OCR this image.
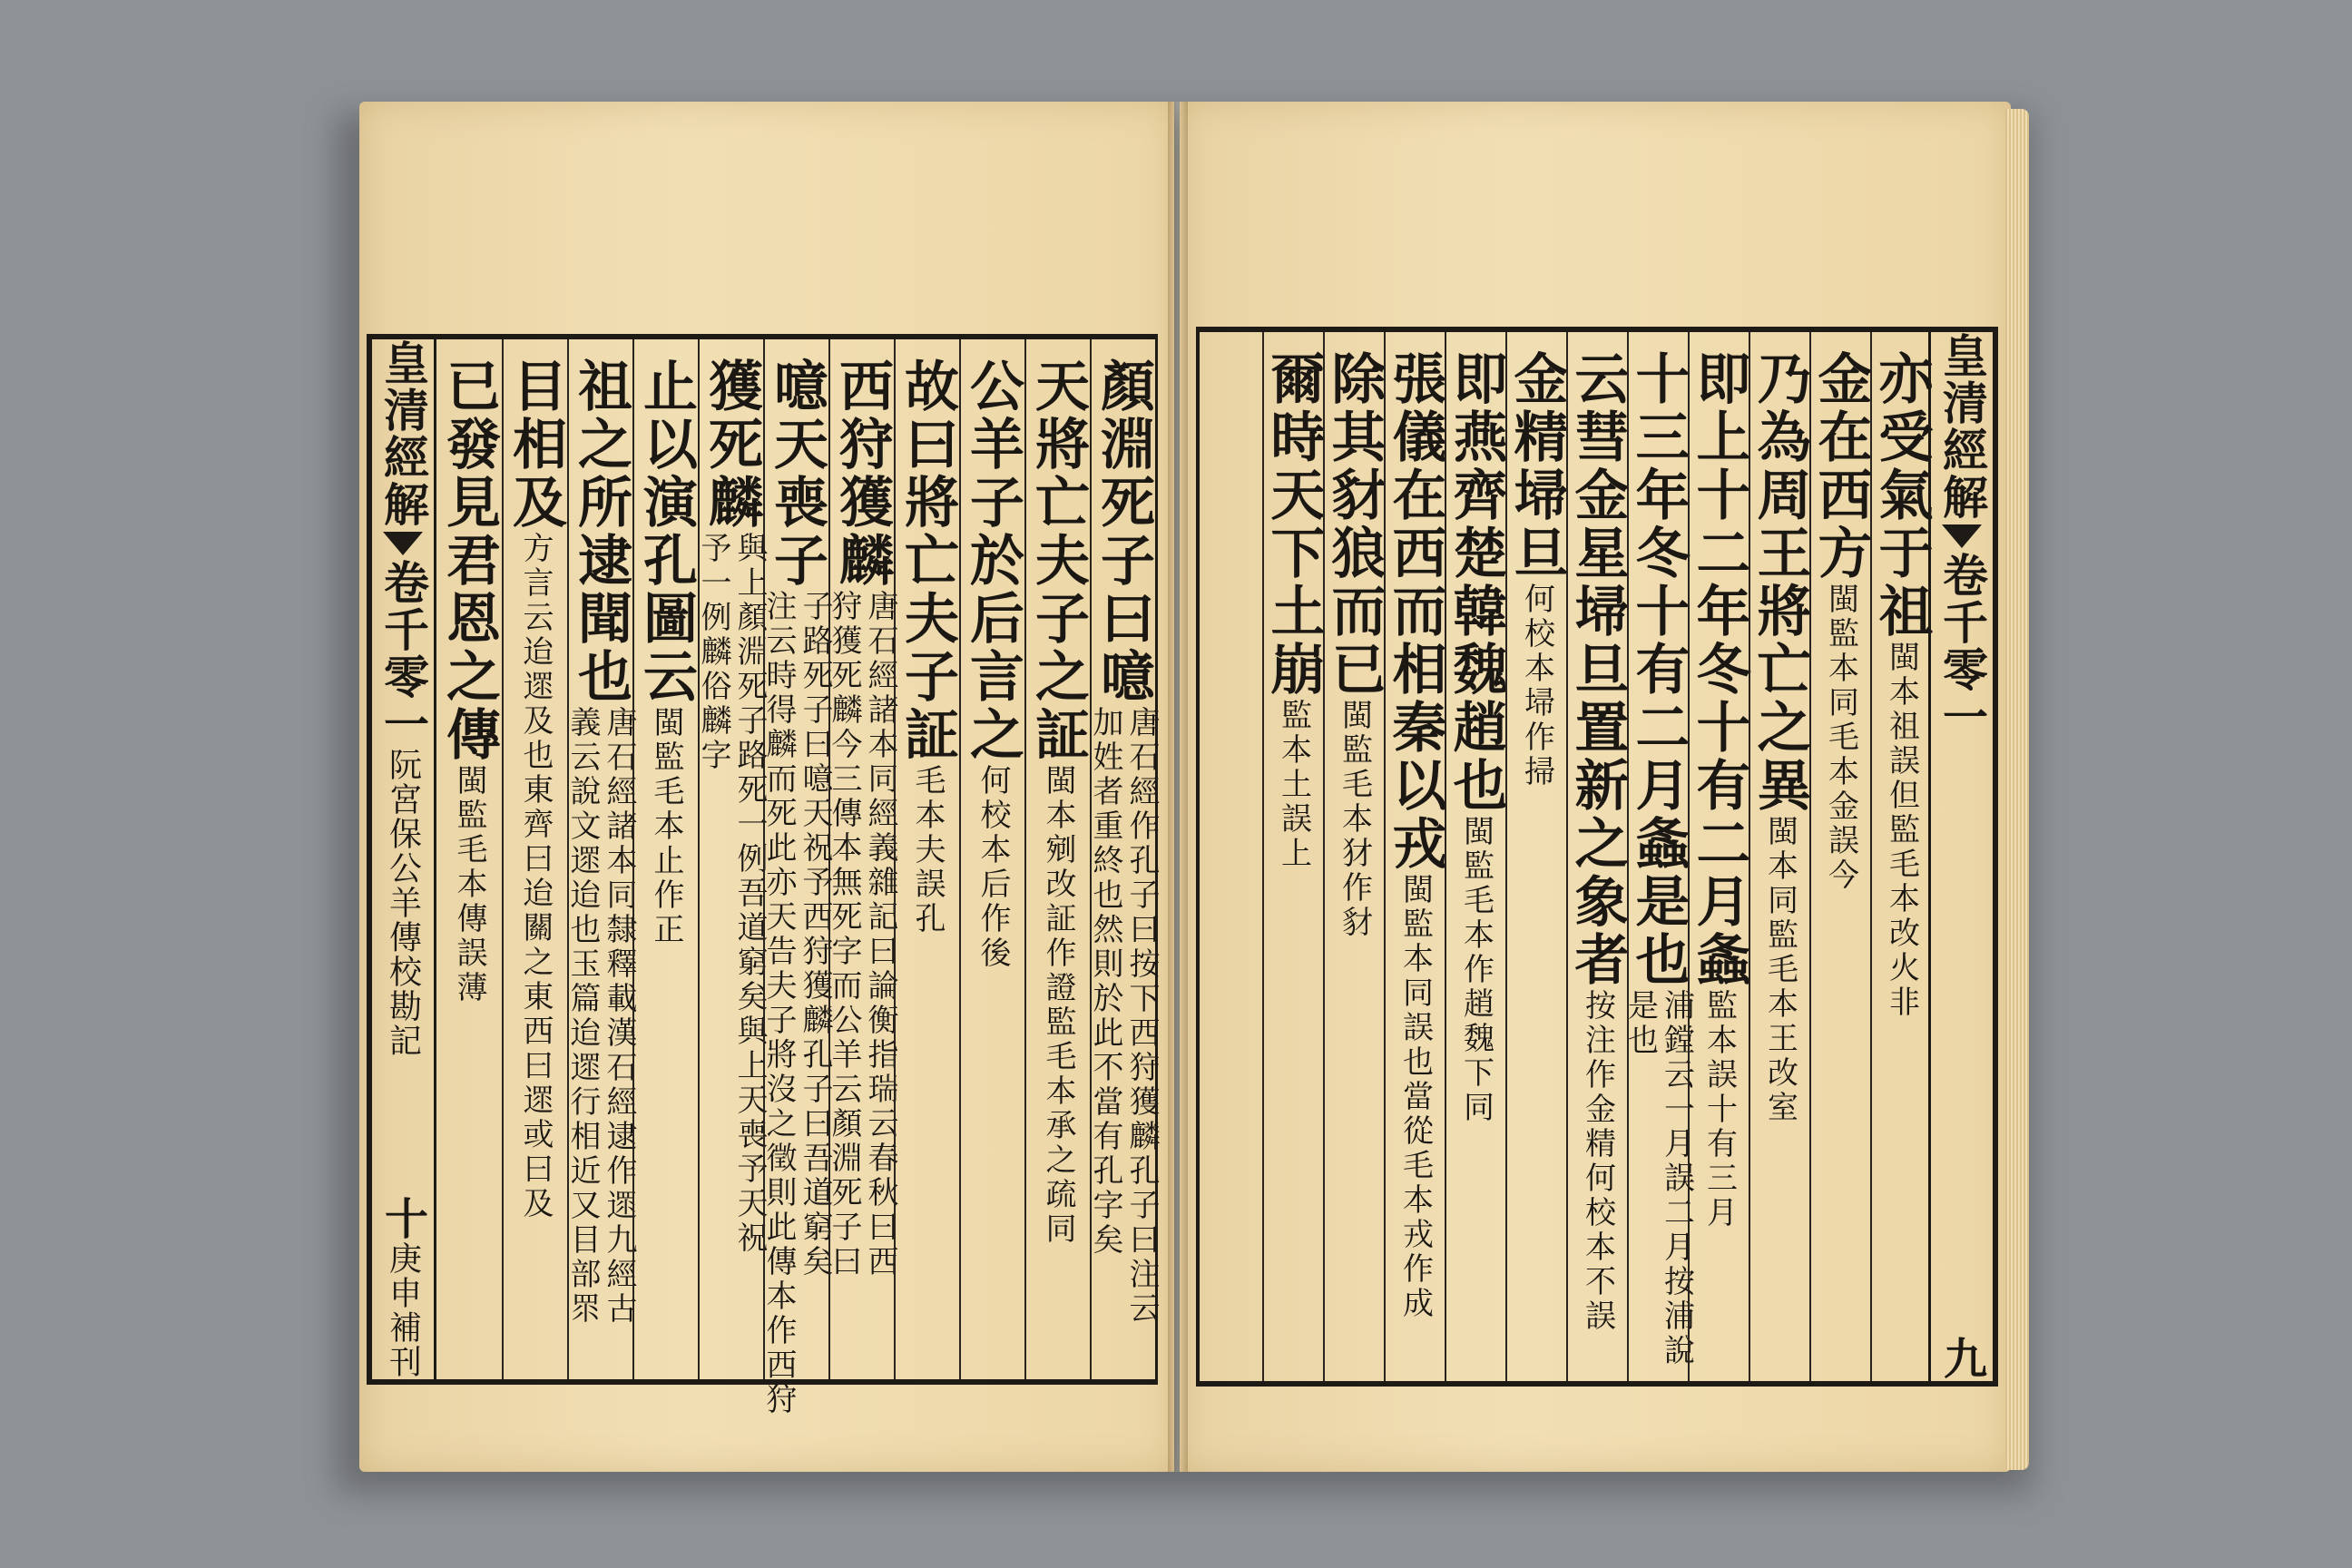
皇清經解
卷千零一
阮宮保公羊傳校勘記
十
庚申補刊
顏淵死子曰噫
唐石經作孔子曰按下西狩獲麟孔子曰注云
加姓者重終也然則於此不當有孔字矣
天將亡夫子之証
閩本剜改証作證監毛本承之疏同
公羊子於后言之
何校本后作後
故曰將亡夫子証
毛本夫誤孔
西狩獲麟
唐石經諸本同經義雜記曰論衡指瑞云春秋曰西
狩獲死麟今三傳本無死字而公羊云顏淵死子曰
噫天喪子
子路死子曰噫天祝予西狩獲麟孔子曰吾道窮矣
注云時得麟而死此亦天告夫子將沒之徵則此傳本作西狩
獲死麟
與上顏淵死子路死一例吾道窮矣與上天喪予天祝
予一例麟俗麟字
止以演孔圖云
閩監毛本止作正
祖之所逮聞也
唐石經諸本同隸釋載漢石經逮作遝九經古
義云說文遝迨也玉篇迨遝行相近又目部眔
目相及
方言云迨遝及也東齊曰迨關之東西曰遝或曰及
已發見君恩之傳
閩監毛本傳誤薄
亦受氣于祖
閩本祖誤但監毛本改火非
金在西方
閩監本同毛本金誤今
乃為周王將亡之異
閩本同監毛本王改室
即上十二年冬十有二月螽
監本誤十有三月
十三年冬十有二月螽是也
浦鏜云一月誤二月按浦說
是也
云彗金星埽旦置新之象者
按注作金精何校本不誤
金精埽旦
何校本埽作掃
即燕齊楚韓魏趙也
閩監毛本作趙魏下同
張儀在西而相秦以戎
閩監本同誤也當從毛本戎作成
除其豺狼而已
閩監毛本犲作豺
爾時天下土崩
監本土誤上
皇清經解
卷千零一
九
